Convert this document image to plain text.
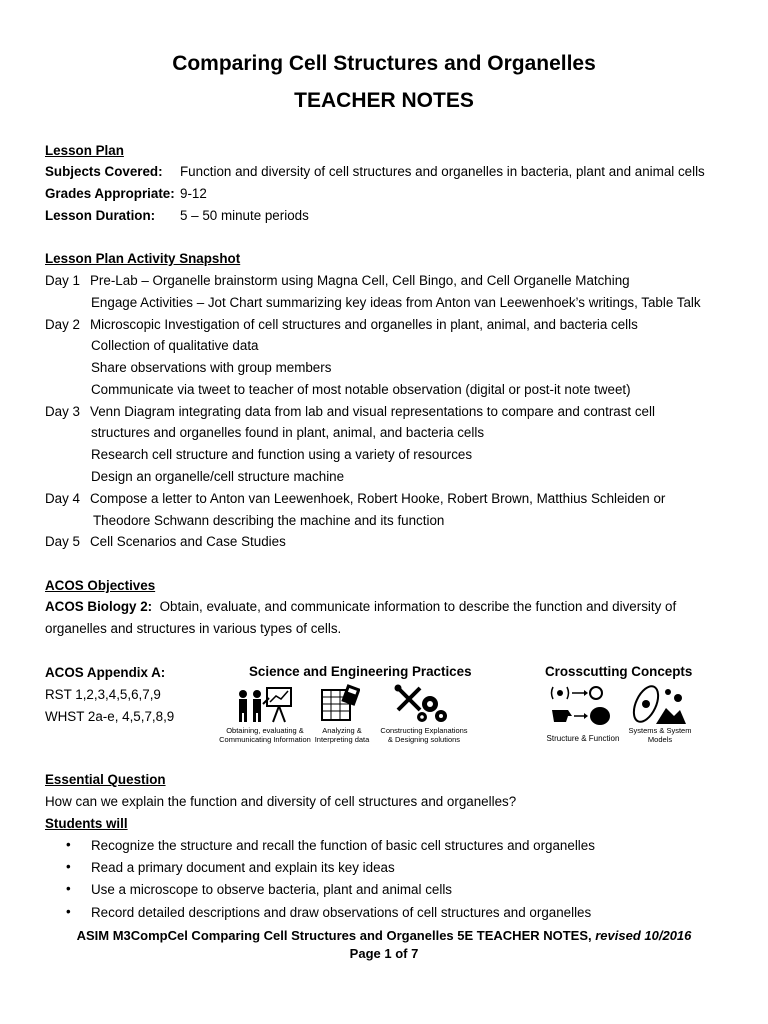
Comparing Cell Structures and Organelles
TEACHER NOTES
Lesson Plan
Subjects Covered: Function and diversity of cell structures and organelles in bacteria, plant and animal cells
Grades Appropriate: 9-12
Lesson Duration: 5 – 50 minute periods
Lesson Plan Activity Snapshot
Day 1 Pre-Lab – Organelle brainstorm using Magna Cell, Cell Bingo, and Cell Organelle Matching
Engage Activities – Jot Chart summarizing key ideas from Anton van Leewenhoek’s writings, Table Talk
Day 2 Microscopic Investigation of cell structures and organelles in plant, animal, and bacteria cells
Collection of qualitative data
Share observations with group members
Communicate via tweet to teacher of most notable observation (digital or post-it note tweet)
Day 3 Venn Diagram integrating data from lab and visual representations to compare and contrast cell
structures and organelles found in plant, animal, and bacteria cells
Research cell structure and function using a variety of resources
Design an organelle/cell structure machine
Day 4 Compose a letter to Anton van Leewenhoek, Robert Hooke, Robert Brown, Matthius Schleiden or
Theodore Schwann describing the machine and its function
Day 5 Cell Scenarios and Case Studies
ACOS Objectives
ACOS Biology 2: Obtain, evaluate, and communicate information to describe the function and diversity of
organelles and structures in various types of cells.
ACOS Appendix A:
RST 1,2,3,4,5,6,7,9
WHST 2a-e, 4,5,7,8,9
Science and Engineering Practices	Crosscutting Concepts
Obtaining, evaluating &
Communicating Information
Analyzing &
Interpreting data
Constructing Explanations
& Designing solutions	Structure & Function
Systems & System
Models
Essential Question
How can we explain the function and diversity of cell structures and organelles?
Students will
• Recognize the structure and recall the function of basic cell structures and organelles
• Read a primary document and explain its key ideas
• Use a microscope to observe bacteria, plant and animal cells
• Record detailed descriptions and draw observations of cell structures and organelles
ASIM M3CompCel Comparing Cell Structures and Organelles 5E TEACHER NOTES, revised 10/2016
Page 1 of 7
